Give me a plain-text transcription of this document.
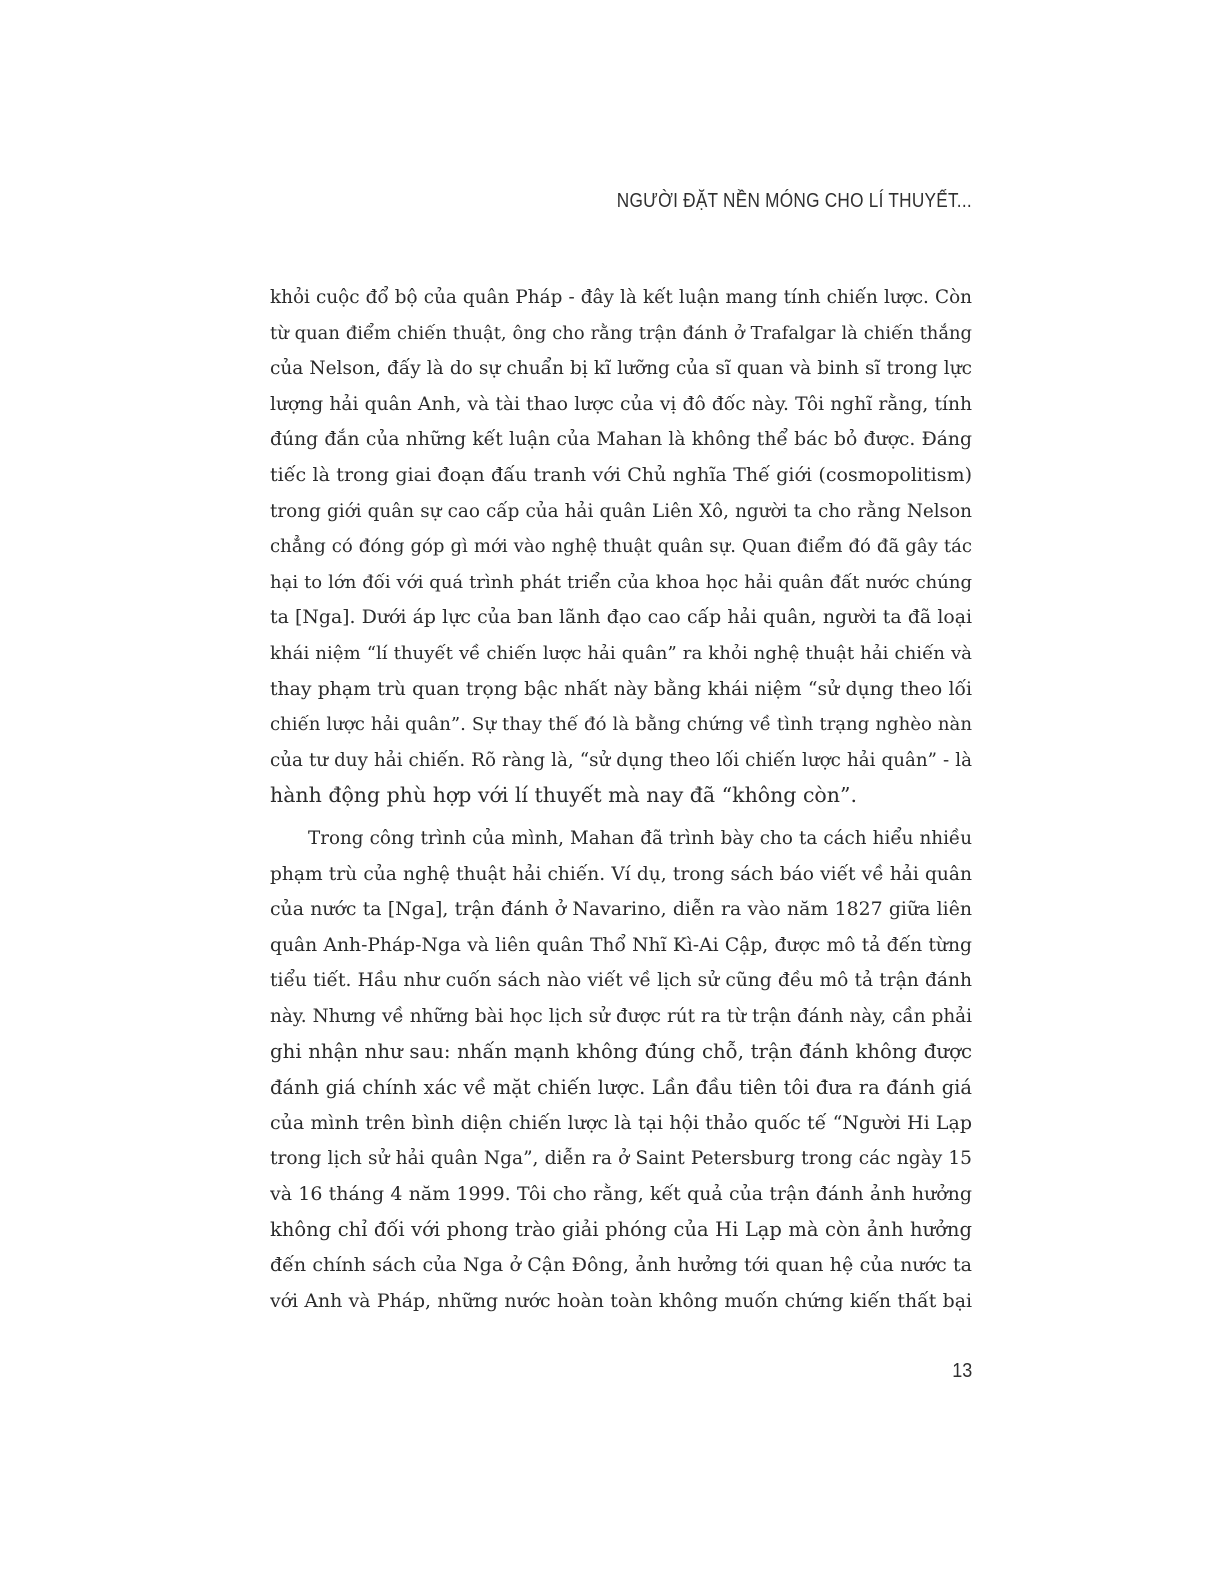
NGƯỜI ĐẶT NỀN MÓNG CHO LÍ THUYẾT...
khỏi cuộc đổ bộ của quân Pháp - đây là kết luận mang tính chiến lược. Còn
từ quan điểm chiến thuật, ông cho rằng trận đánh ở Trafalgar là chiến thắng
của Nelson, đấy là do sự chuẩn bị kĩ lưỡng của sĩ quan và binh sĩ trong lực
lượng hải quân Anh, và tài thao lược của vị đô đốc này. Tôi nghĩ rằng, tính
đúng đắn của những kết luận của Mahan là không thể bác bỏ được. Đáng
tiếc là trong giai đoạn đấu tranh với Chủ nghĩa Thế giới (cosmopolitism)
trong giới quân sự cao cấp của hải quân Liên Xô, người ta cho rằng Nelson
chẳng có đóng góp gì mới vào nghệ thuật quân sự. Quan điểm đó đã gây tác
hại to lớn đối với quá trình phát triển của khoa học hải quân đất nước chúng
ta [Nga]. Dưới áp lực của ban lãnh đạo cao cấp hải quân, người ta đã loại
khái niệm “lí thuyết về chiến lược hải quân” ra khỏi nghệ thuật hải chiến và
thay phạm trù quan trọng bậc nhất này bằng khái niệm “sử dụng theo lối
chiến lược hải quân”. Sự thay thế đó là bằng chứng về tình trạng nghèo nàn
của tư duy hải chiến. Rõ ràng là, “sử dụng theo lối chiến lược hải quân” - là
hành động phù hợp với lí thuyết mà nay đã “không còn”.
Trong công trình của mình, Mahan đã trình bày cho ta cách hiểu nhiều
phạm trù của nghệ thuật hải chiến. Ví dụ, trong sách báo viết về hải quân
của nước ta [Nga], trận đánh ở Navarino, diễn ra vào năm 1827 giữa liên
quân Anh-Pháp-Nga và liên quân Thổ Nhĩ Kì-Ai Cập, được mô tả đến từng
tiểu tiết. Hầu như cuốn sách nào viết về lịch sử cũng đều mô tả trận đánh
này. Nhưng về những bài học lịch sử được rút ra từ trận đánh này, cần phải
ghi nhận như sau: nhấn mạnh không đúng chỗ, trận đánh không được
đánh giá chính xác về mặt chiến lược. Lần đầu tiên tôi đưa ra đánh giá
của mình trên bình diện chiến lược là tại hội thảo quốc tế “Người Hi Lạp
trong lịch sử hải quân Nga”, diễn ra ở Saint Petersburg trong các ngày 15
và 16 tháng 4 năm 1999. Tôi cho rằng, kết quả của trận đánh ảnh hưởng
không chỉ đối với phong trào giải phóng của Hi Lạp mà còn ảnh hưởng
đến chính sách của Nga ở Cận Đông, ảnh hưởng tới quan hệ của nước ta
với Anh và Pháp, những nước hoàn toàn không muốn chứng kiến thất bại
13
